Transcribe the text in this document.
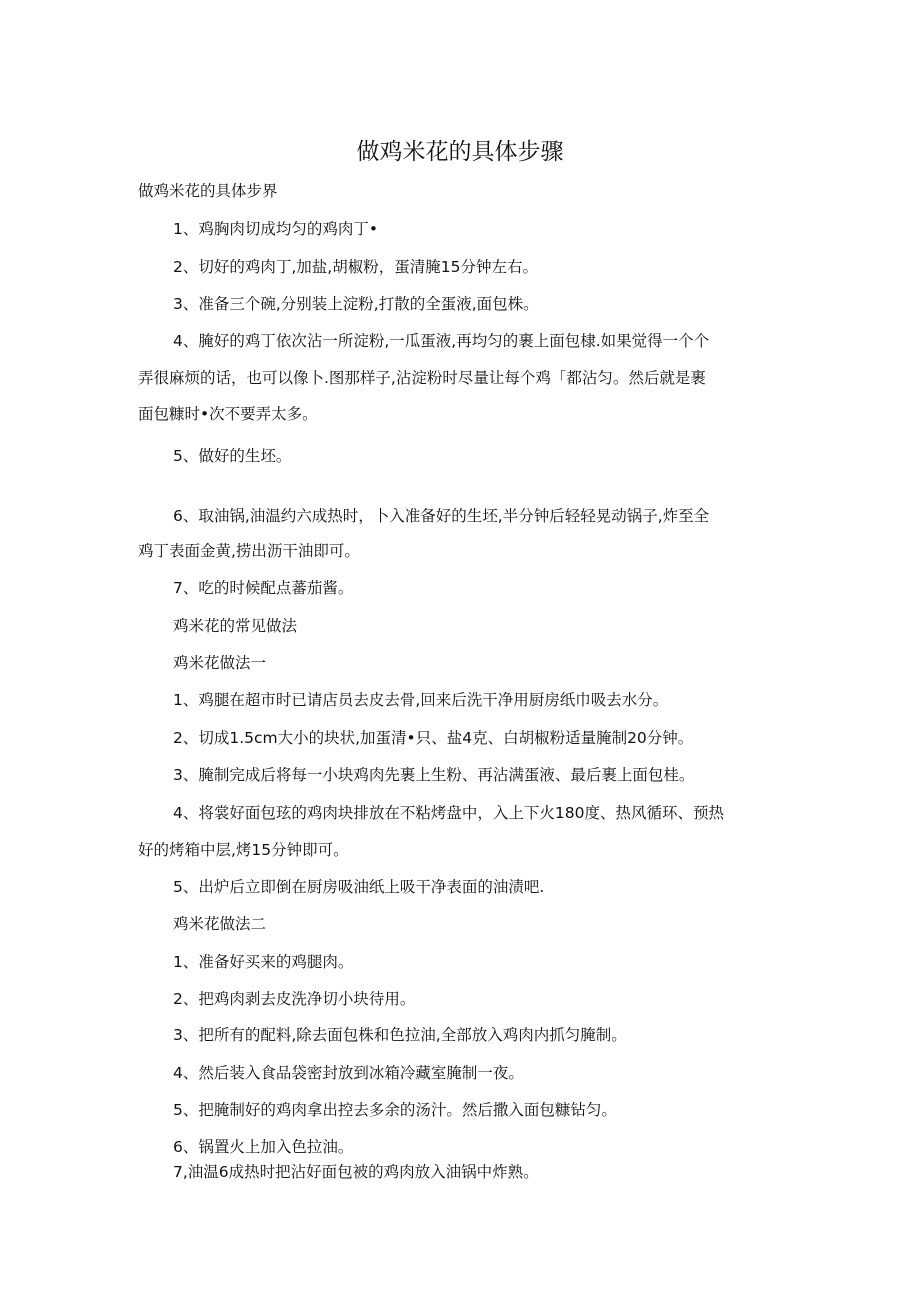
做鸡米花的具体步骤

做鸡米花的具体步界

1、鸡胸肉切成均匀的鸡肉丁•

2、切好的鸡肉丁,加盐,胡椒粉，蛋清腌15分钟左右。

3、准备三个碗,分别装上淀粉,打散的全蛋液,面包株。

4、腌好的鸡丁依次沾一所淀粉,一瓜蛋液,再均匀的裹上面包棣.如果觉得一个个

弄很麻烦的话，也可以像卜.图那样子,沾淀粉时尽量让每个鸡「都沾匀。然后就是裹

面包糠时•次不要弄太多。

5、做好的生坯。

6、取油锅,油温约六成热时，卜入准备好的生坯,半分钟后轻轻晃动锅子,炸至全

鸡丁表面金黄,捞出沥干油即可。

7、吃的时候配点蕃茄酱。

鸡米花的常见做法

鸡米花做法一

1、鸡腿在超市时已请店员去皮去骨,回来后洗干净用厨房纸巾吸去水分。

2、切成1.5cm大小的块状,加蛋清•只、盐4克、白胡椒粉适量腌制20分钟。

3、腌制完成后将每一小块鸡肉先裹上生粉、再沾满蛋液、最后裹上面包桂。

4、将裳好面包玹的鸡肉块排放在不粘烤盘中，入上下火180度、热风循环、预热

好的烤箱中层,烤15分钟即可。

5、出炉后立即倒在厨房吸油纸上吸干净表面的油渍吧.

鸡米花做法二

1、准备好买来的鸡腿肉。

2、把鸡肉剥去皮洗净切小块待用。

3、把所有的配料,除去面包株和色拉油,全部放入鸡肉内抓匀腌制。

4、然后装入食品袋密封放到冰箱冷藏室腌制一夜。

5、把腌制好的鸡肉拿出控去多余的汤汁。然后撒入面包糠钻匀。

6、锅置火上加入色拉油。

7,油温6成热时把沾好面包被的鸡肉放入油锅中炸熟。
